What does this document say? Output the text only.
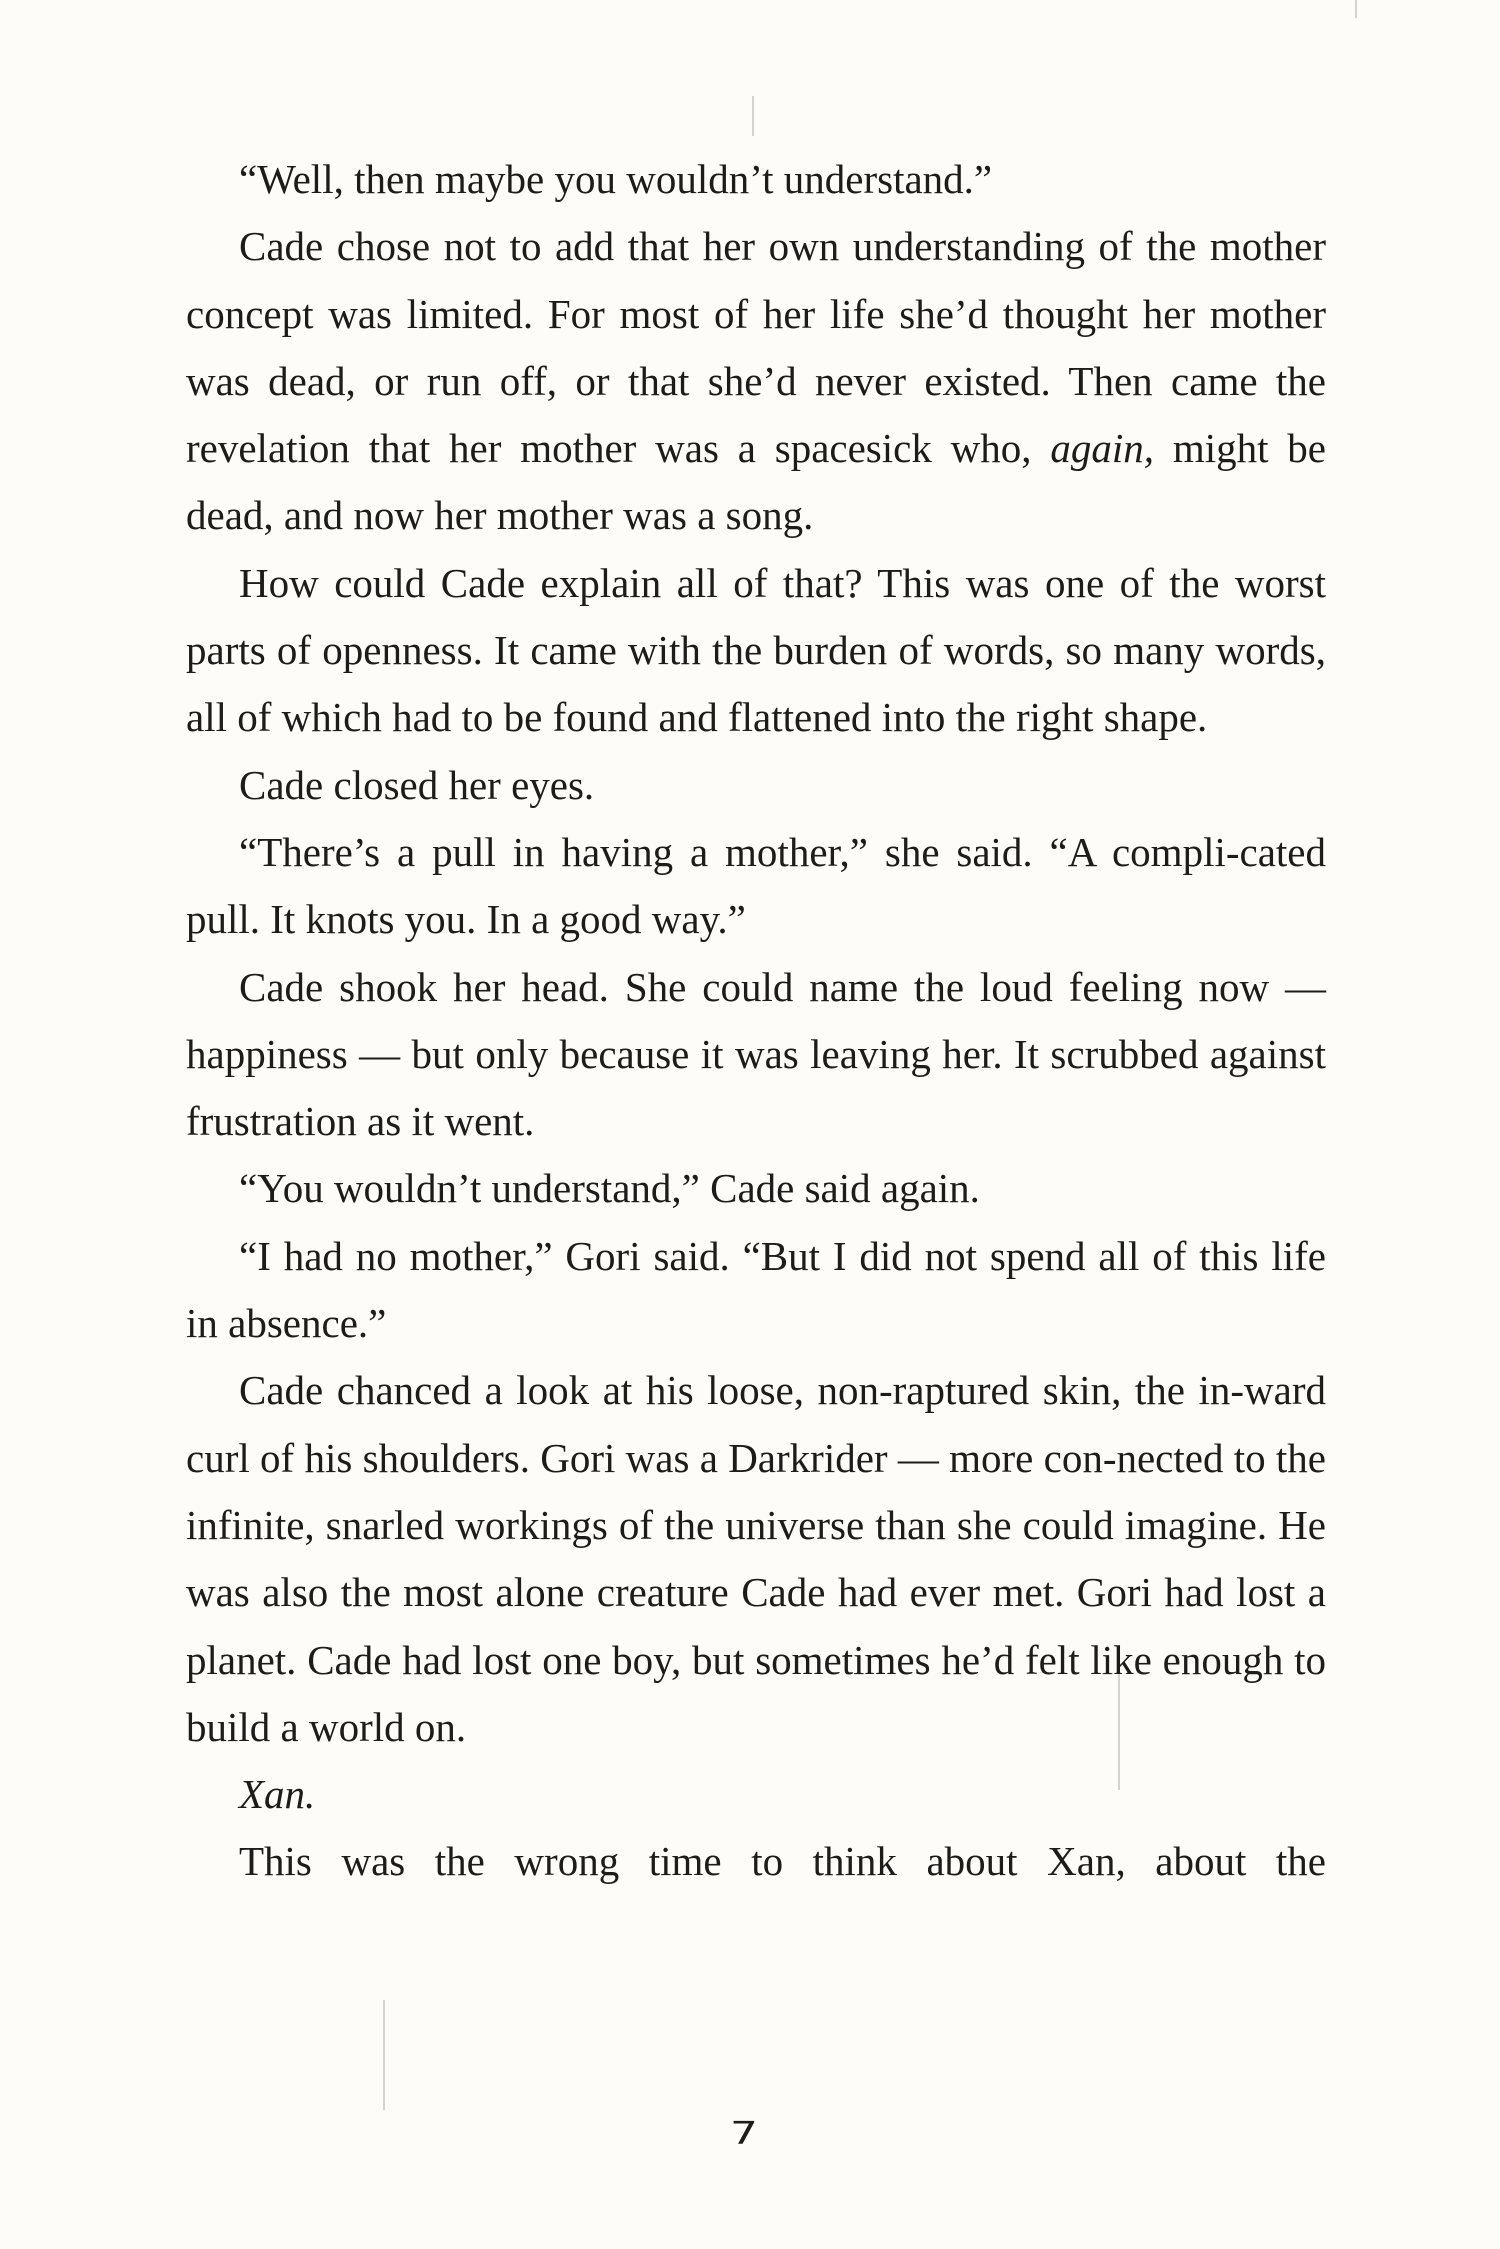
“Well, then maybe you wouldn’t understand.”

Cade chose not to add that her own understanding of the mother concept was limited. For most of her life she’d thought her mother was dead, or run off, or that she’d never existed. Then came the revelation that her mother was a spacesick who, again, might be dead, and now her mother was a song.

How could Cade explain all of that? This was one of the worst parts of openness. It came with the burden of words, so many words, all of which had to be found and flattened into the right shape.

Cade closed her eyes.

“There’s a pull in having a mother,” she said. “A compli-cated pull. It knots you. In a good way.”

Cade shook her head. She could name the loud feeling now — happiness — but only because it was leaving her. It scrubbed against frustration as it went.

“You wouldn’t understand,” Cade said again.

“I had no mother,” Gori said. “But I did not spend all of this life in absence.”

Cade chanced a look at his loose, non-raptured skin, the in-ward curl of his shoulders. Gori was a Darkrider — more con-nected to the infinite, snarled workings of the universe than she could imagine. He was also the most alone creature Cade had ever met. Gori had lost a planet. Cade had lost one boy, but sometimes he’d felt like enough to build a world on.

Xan.

This was the wrong time to think about Xan, about the

7
